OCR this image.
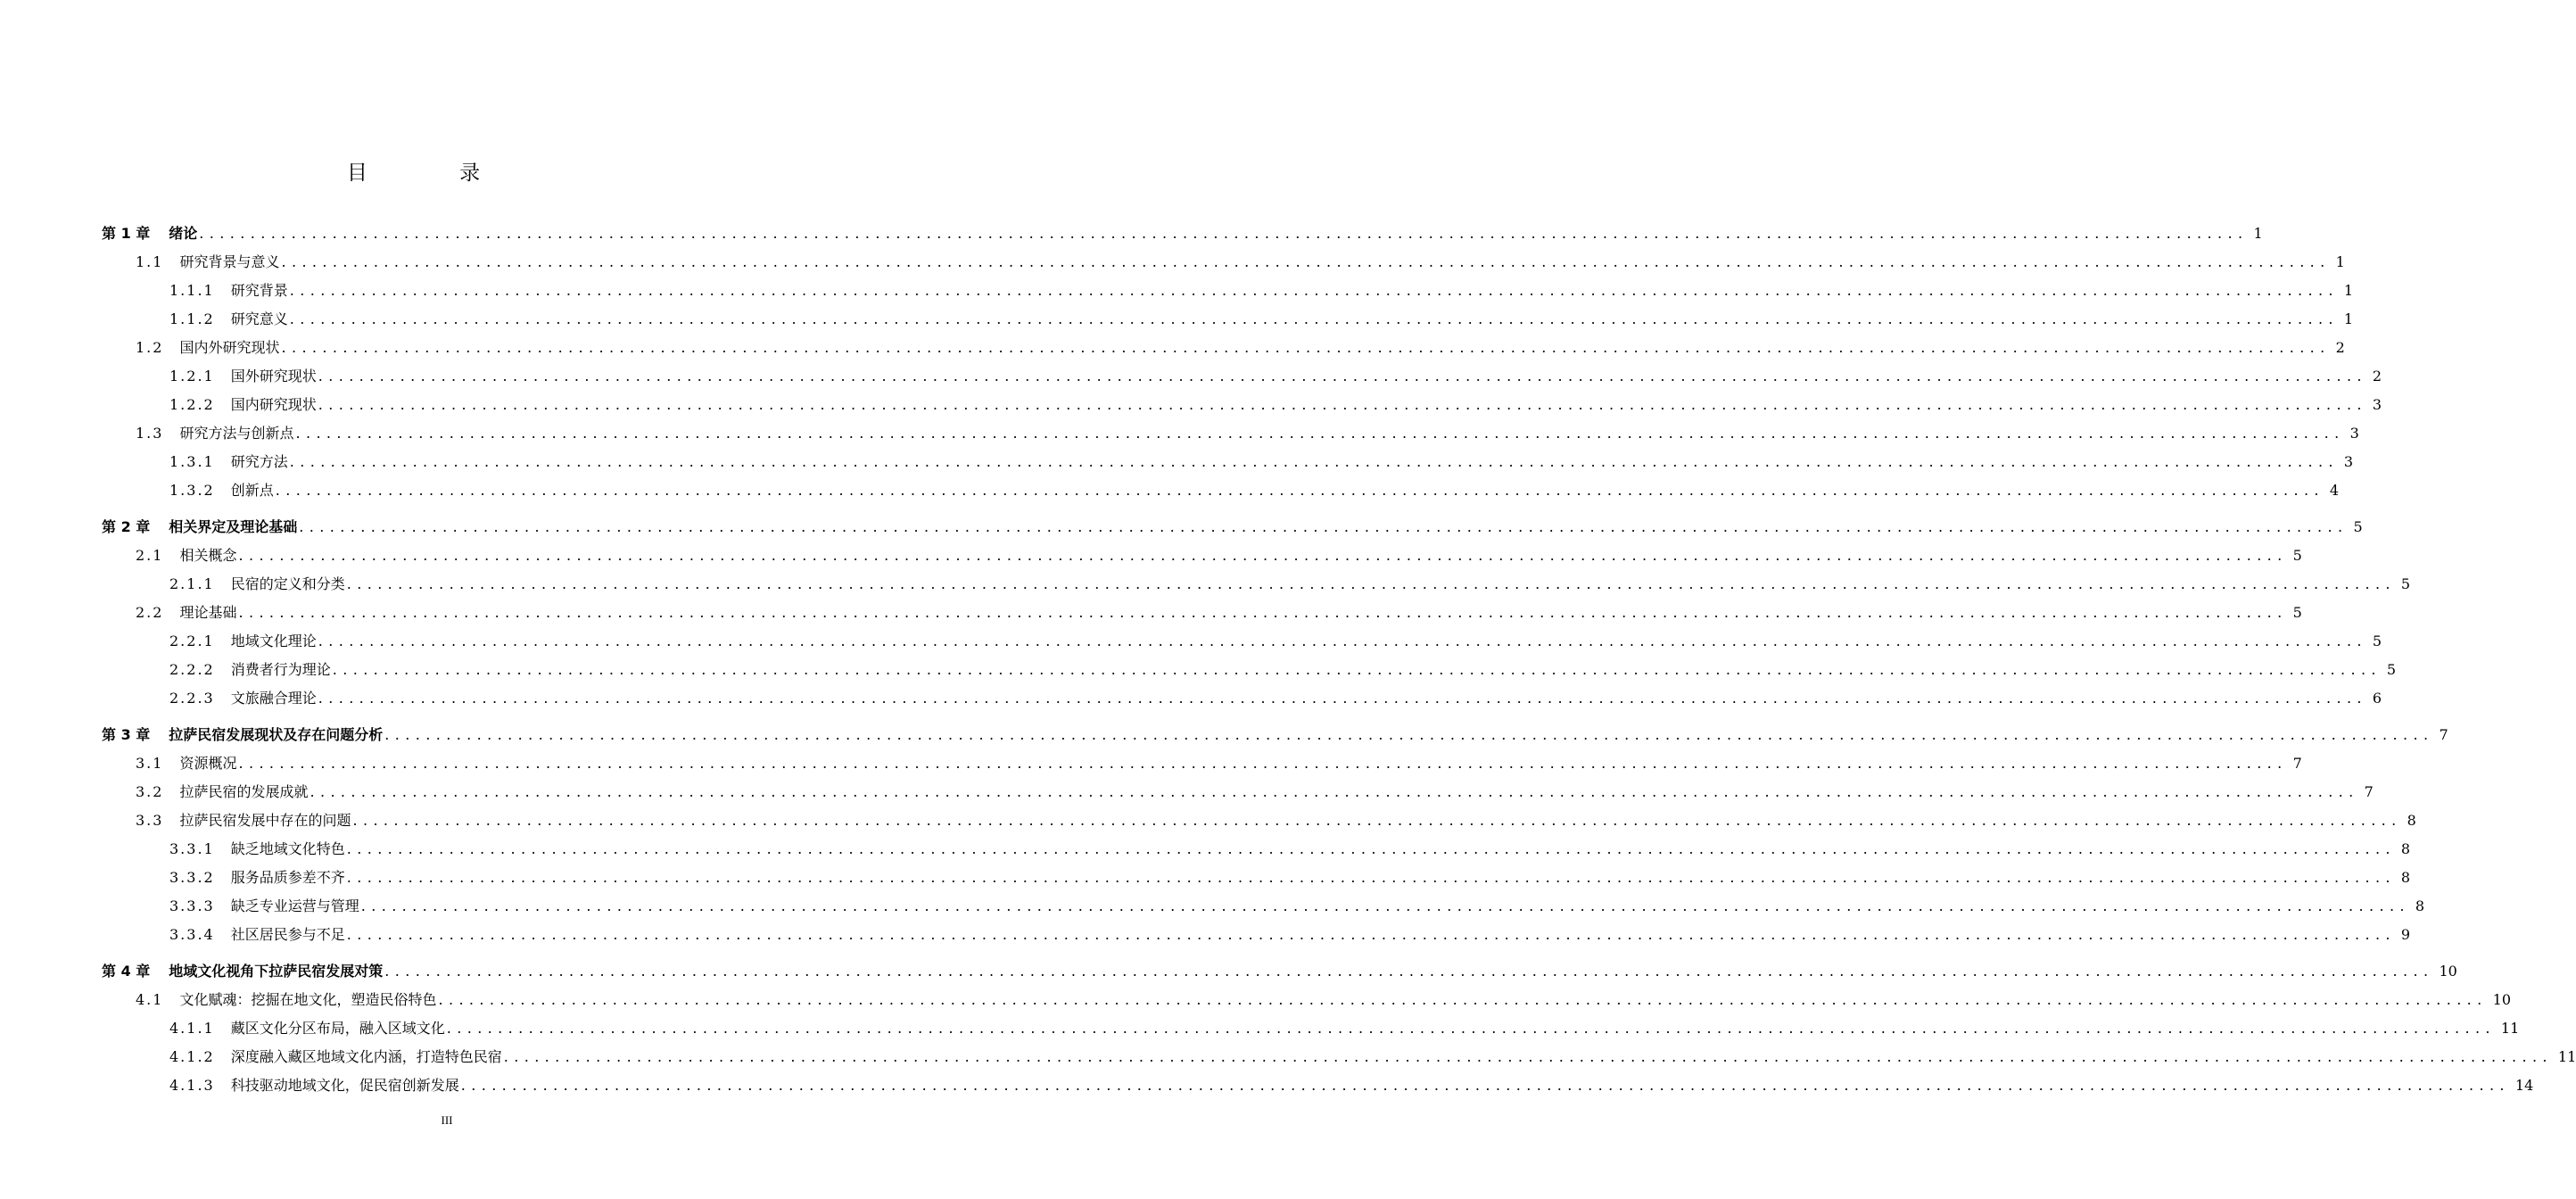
目 录
第 1 章	绪论 ........................................................................................................................................................................................................ 1
1.1	研究背景与意义 ........................................................................................................................................................................................................ 1
1.1.1	研究背景 ........................................................................................................................................................................................................ 1
1.1.2	研究意义 ........................................................................................................................................................................................................ 1
1.2	国内外研究现状 ........................................................................................................................................................................................................ 2
1.2.1	国外研究现状 ........................................................................................................................................................................................................ 2
1.2.2	国内研究现状 ........................................................................................................................................................................................................ 3
1.3	研究方法与创新点 ........................................................................................................................................................................................................ 3
1.3.1	研究方法 ........................................................................................................................................................................................................ 3
1.3.2	创新点 ........................................................................................................................................................................................................ 4
第 2 章	相关界定及理论基础 ........................................................................................................................................................................................................ 5
2.1	相关概念 ........................................................................................................................................................................................................ 5
2.1.1	民宿的定义和分类 ........................................................................................................................................................................................................ 5
2.2	理论基础 ........................................................................................................................................................................................................ 5
2.2.1	地域文化理论 ........................................................................................................................................................................................................ 5
2.2.2	消费者行为理论 ........................................................................................................................................................................................................ 5
2.2.3	文旅融合理论 ........................................................................................................................................................................................................ 6
第 3 章	拉萨民宿发展现状及存在问题分析 ........................................................................................................................................................................................................ 7
3.1	资源概况 ........................................................................................................................................................................................................ 7
3.2	拉萨民宿的发展成就 ........................................................................................................................................................................................................ 7
3.3	拉萨民宿发展中存在的问题 ........................................................................................................................................................................................................ 8
3.3.1	缺乏地域文化特色 ........................................................................................................................................................................................................ 8
3.3.2	服务品质参差不齐 ........................................................................................................................................................................................................ 8
3.3.3	缺乏专业运营与管理 ........................................................................................................................................................................................................ 8
3.3.4	社区居民参与不足 ........................................................................................................................................................................................................ 9
第 4 章	地域文化视角下拉萨民宿发展对策 ........................................................................................................................................................................................................ 10
4.1	文化赋魂：挖掘在地文化，塑造民俗特色 ........................................................................................................................................................................................................ 10
4.1.1	藏区文化分区布局，融入区域文化 ........................................................................................................................................................................................................ 11
4.1.2	深度融入藏区地域文化内涵，打造特色民宿 ........................................................................................................................................................................................................ 11
4.1.3	科技驱动地域文化，促民宿创新发展 ........................................................................................................................................................................................................ 14
III
